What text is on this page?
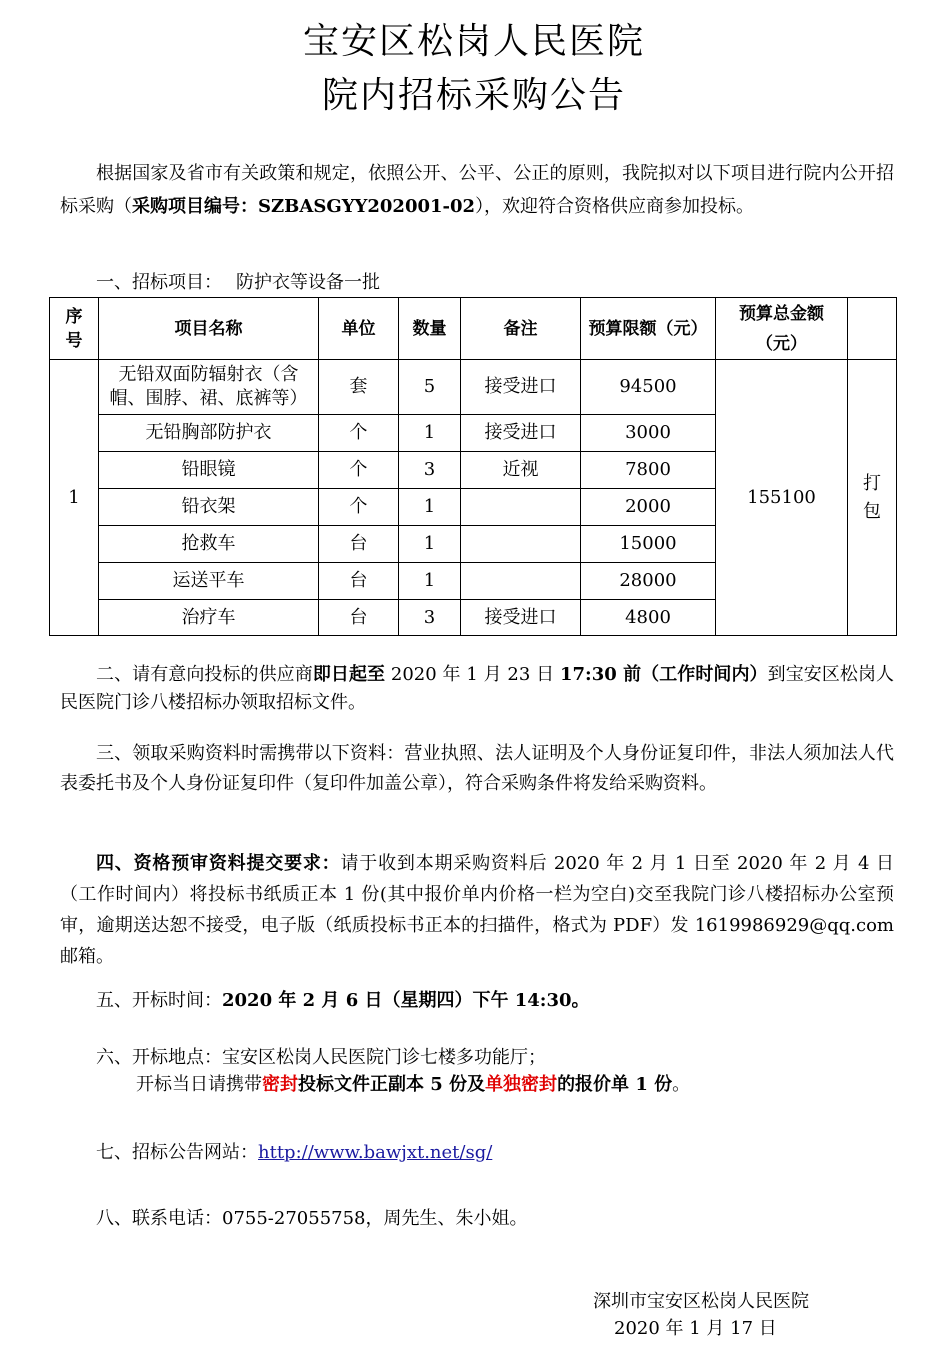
宝安区松岗人民医院
院内招标采购公告
根据国家及省市有关政策和规定，依照公开、公平、公正的原则，我院拟对以下项目进行院内公开招标采购（采购项目编号：SZBASGYY202001-02），欢迎符合资格供应商参加投标。
一、招标项目： 防护衣等设备一批
序号	项目名称	单位	数量	备注	预算限额（元）	预算总金额（元）	
1	无铅双面防辐射衣（含帽、围脖、裙、底裤等）	套	5	接受进口	94500	155100	打包
	无铅胸部防护衣	个	1	接受进口	3000		
	铅眼镜	个	3	近视	7800		
	铅衣架	个	1		2000		
	抢救车	台	1		15000		
	运送平车	台	1		28000		
	治疗车	台	3	接受进口	4800		
二、请有意向投标的供应商即日起至 2020 年 1 月 23 日 17:30 前（工作时间内）到宝安区松岗人民医院门诊八楼招标办领取招标文件。
三、领取采购资料时需携带以下资料：营业执照、法人证明及个人身份证复印件，非法人须加法人代表委托书及个人身份证复印件（复印件加盖公章），符合采购条件将发给采购资料。
四、资格预审资料提交要求：请于收到本期采购资料后 2020 年 2 月 1 日至 2020 年 2 月 4 日（工作时间内）将投标书纸质正本 1 份(其中报价单内价格一栏为空白)交至我院门诊八楼招标办公室预审，逾期送达恕不接受，电子版（纸质投标书正本的扫描件，格式为 PDF）发 1619986929@qq.com 邮箱。
五、开标时间：2020 年 2 月 6 日（星期四）下午 14:30。
六、开标地点：宝安区松岗人民医院门诊七楼多功能厅；
开标当日请携带密封投标文件正副本 5 份及单独密封的报价单 1 份。
七、招标公告网站：http://www.bawjxt.net/sg/
八、联系电话：0755-27055758，周先生、朱小姐。
深圳市宝安区松岗人民医院
2020 年 1 月 17 日
